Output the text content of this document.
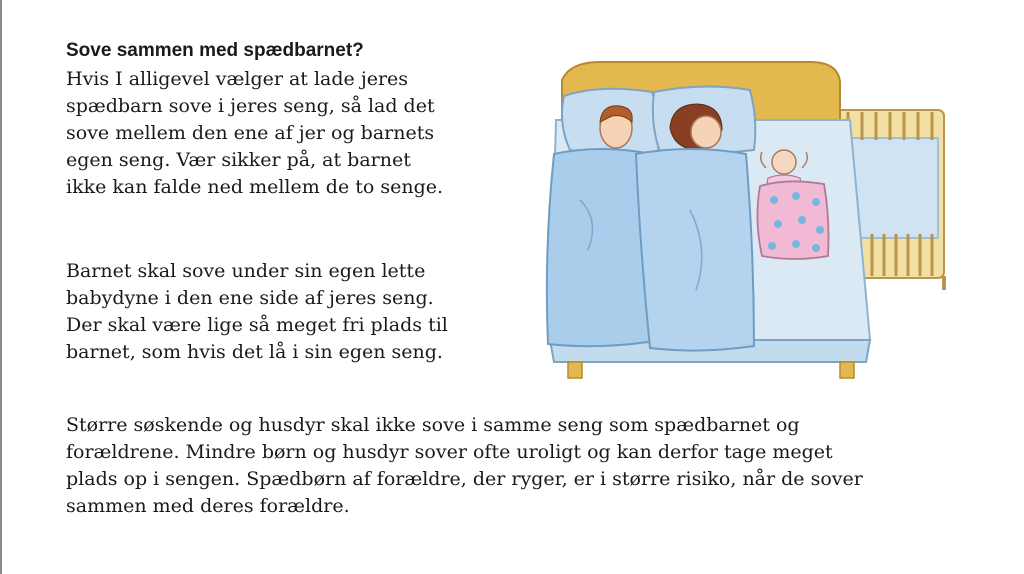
Sove sammen med spædbarnet?

Hvis I alligevel vælger at lade jeres
spædbarn sove i jeres seng, så lad det
sove mellem den ene af jer og barnets
egen seng. Vær sikker på, at barnet
ikke kan falde ned mellem de to senge.

Barnet skal sove under sin egen lette
babydyne i den ene side af jeres seng.
Der skal være lige så meget fri plads til
barnet, som hvis det lå i sin egen seng.

Større søskende og husdyr skal ikke sove i samme seng som spædbarnet og
forældrene. Mindre børn og husdyr sover ofte uroligt og kan derfor tage meget
plads op i sengen. Spædbørn af forældre, der ryger, er i større risiko, når de sover
sammen med deres forældre.
